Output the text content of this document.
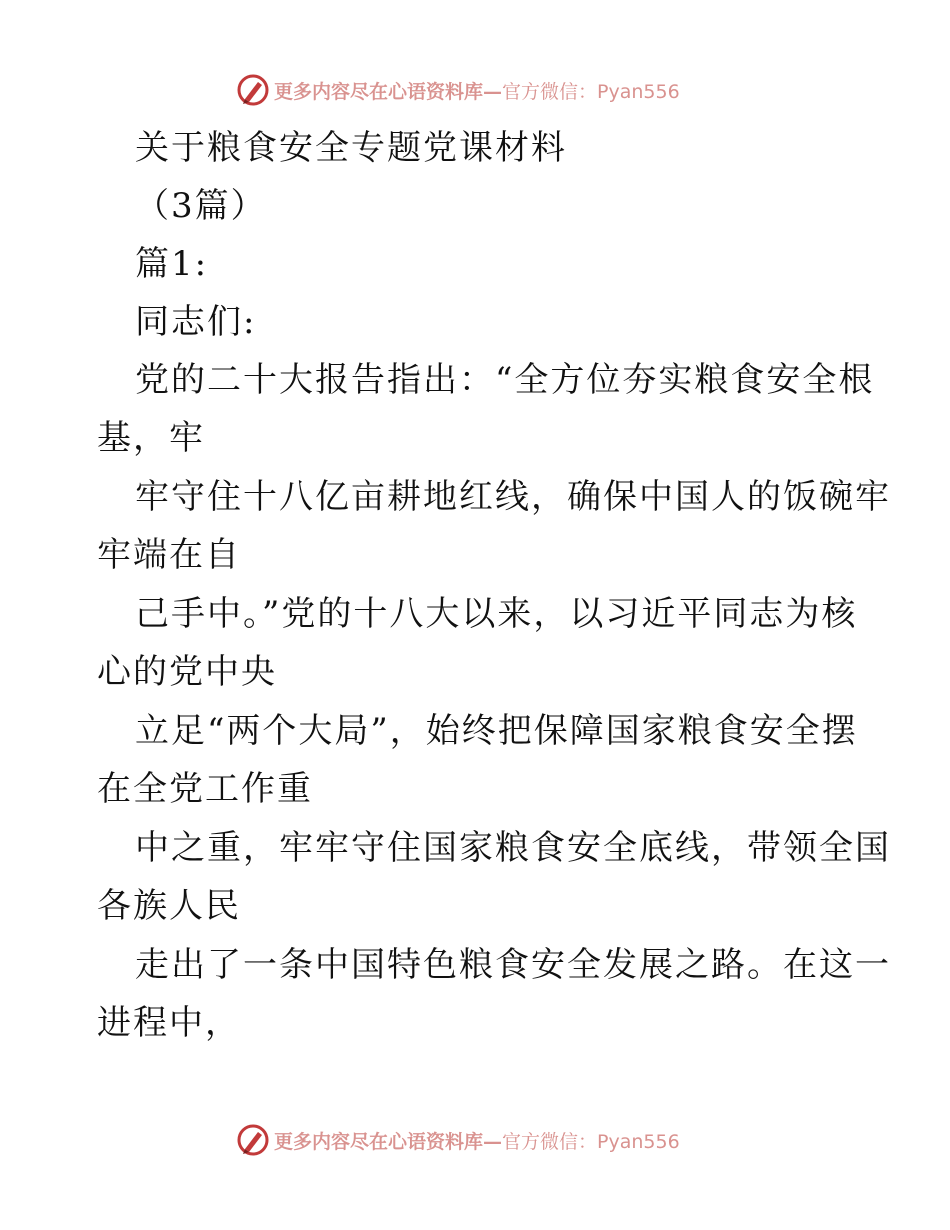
更多内容尽在心语资料库— 官方微信：Pyan556
关于粮食安全专题党课材料
（3篇）
篇1:
同志们:
党的二十大报告指出：“全方位夯实粮食安全根
基，牢
牢守住十八亿亩耕地红线，确保中国人的饭碗牢
牢端在自
己手中。”党的十八大以来，以习近平同志为核
心的党中央
立足“两个大局”，始终把保障国家粮食安全摆
在全党工作重
中之重，牢牢守住国家粮食安全底线，带领全国
各族人民
走出了一条中国特色粮食安全发展之路。在这一
进程中，
更多内容尽在心语资料库— 官方微信：Pyan556
